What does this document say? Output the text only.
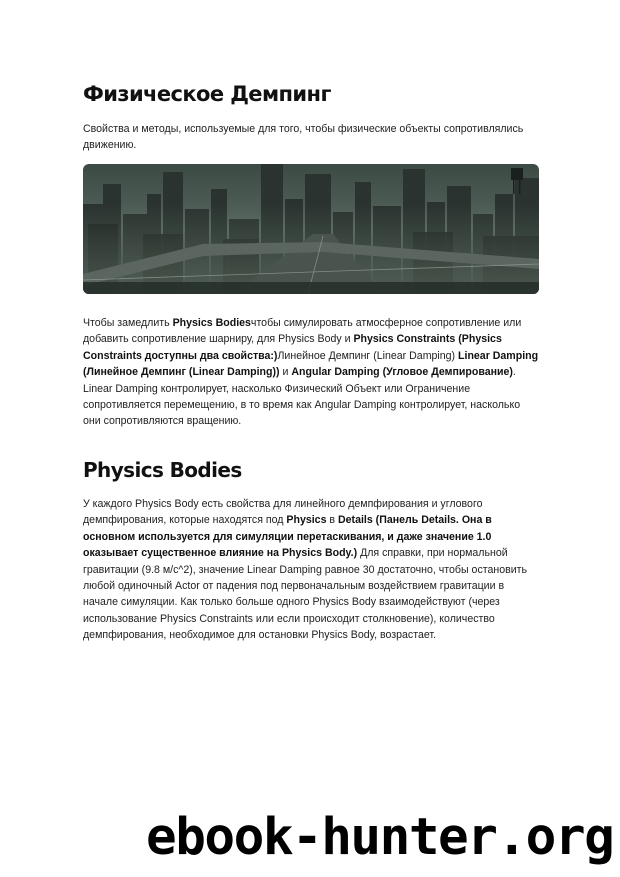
Физическое Демпинг

Свойства и методы, используемые для того, чтобы физические объекты сопротивлялись движению.

Чтобы замедлить Physics Bodiesчтобы симулировать атмосферное сопротивление или добавить сопротивление шарниру, для Physics Body и Physics Constraints (Physics Constraints доступны два свойства:)Линейное Демпинг (Linear Damping) Linear Damping (Линейное Демпинг (Linear Damping)) и Angular Damping (Угловое Демпирование). Linear Damping контролирует, насколько Физический Объект или Ограничение сопротивляется перемещению, в то время как Angular Damping контролирует, насколько они сопротивляются вращению.

Physics Bodies

У каждого Physics Body есть свойства для линейного демпфирования и углового демпфирования, которые находятся под Physics в Details (Панель Details. Она в основном используется для симуляции перетаскивания, и даже значение 1.0 оказывает существенное влияние на Physics Body.) Для справки, при нормальной гравитации (9.8 м/c^2), значение Linear Damping равное 30 достаточно, чтобы остановить любой одиночный Actor от падения под первоначальным воздействием гравитации в начале симуляции. Как только больше одного Physics Body взаимодействуют (через использование Physics Constraints или если происходит столкновение), количество демпфирования, необходимое для остановки Physics Body, возрастает.

ebook-hunter.org
